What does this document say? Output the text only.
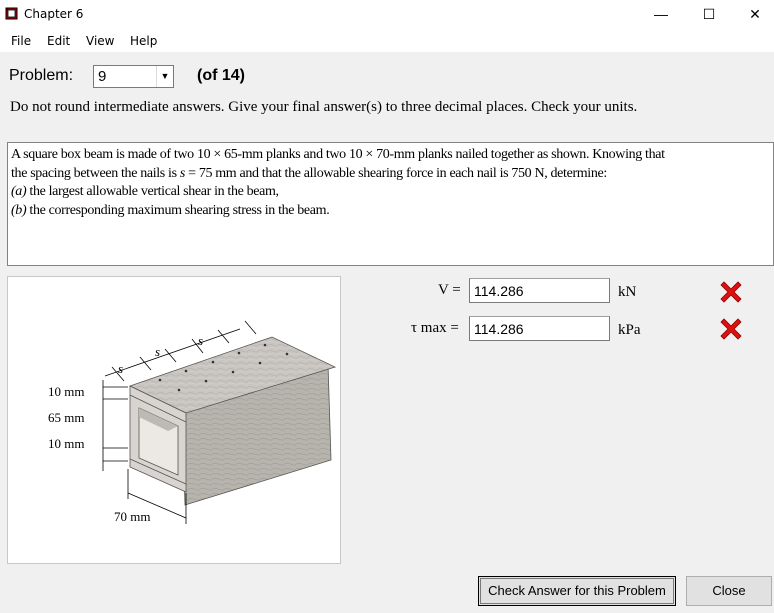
Chapter 6	—	☐	✕
File Edit View Help
Problem: 9	▼ (of 14)
Do not round intermediate answers. Give your final answer(s) to three decimal places. Check your units.

A square box beam is made of two 10 × 65-mm planks and two 10 × 70-mm planks nailed together as shown. Knowing that

the spacing between the nails is s = 75 mm and that the allowable shearing force in each nail is 750 N, determine:

(a) the largest allowable vertical shear in the beam,

(b) the corresponding maximum shearing stress in the beam.

s
s
s
10 mm
65 mm
10 mm
70 mm
V =
114.286	kN
τ max =
114.286	kPa
Check Answer for this Problem	Close
